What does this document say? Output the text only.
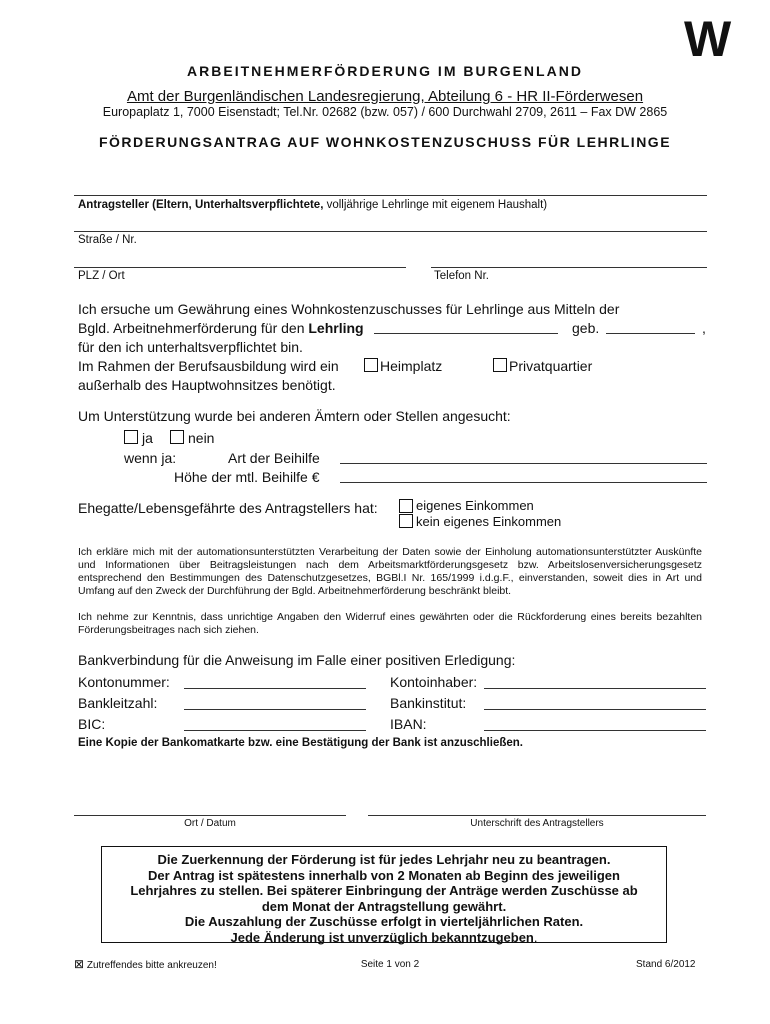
W
ARBEITNEHMERFÖRDERUNG IM BURGENLAND
Amt der Burgenländischen Landesregierung, Abteilung 6 - HR II-Förderwesen
Europaplatz 1, 7000 Eisenstadt; Tel.Nr. 02682 (bzw. 057) / 600 Durchwahl 2709, 2611 – Fax DW 2865
FÖRDERUNGSANTRAG AUF WOHNKOSTENZUSCHUSS FÜR LEHRLINGE
Antragsteller (Eltern, Unterhaltsverpflichtete, volljährige Lehrlinge mit eigenem Haushalt)
Straße / Nr.
PLZ / Ort	Telefon Nr.
Ich ersuche um Gewährung eines Wohnkostenzuschusses für Lehrlinge aus Mitteln der
Bgld. Arbeitnehmerförderung für den Lehrling	geb.	,
für den ich unterhaltsverpflichtet bin.
Im Rahmen der Berufsausbildung wird ein	Heimplatz	Privatquartier
außerhalb des Hauptwohnsitzes benötigt.
Um Unterstützung wurde bei anderen Ämtern oder Stellen angesucht:
ja	nein
wenn ja:	Art der Beihilfe
Höhe der mtl. Beihilfe €
Ehegatte/Lebensgefährte des Antragstellers hat:	eigenes Einkommen
kein eigenes Einkommen
Ich erkläre mich mit der automationsunterstützten Verarbeitung der Daten sowie der Einholung automationsunterstützter Auskünfte und Informationen über Beitragsleistungen nach dem Arbeitsmarktförderungsgesetz bzw. Arbeitslosenversicherungsgesetz entsprechend den Bestimmungen des Datenschutzgesetzes, BGBl.I Nr. 165/1999 i.d.g.F., einverstanden, soweit dies in Art und Umfang auf den Zweck der Durchführung der Bgld. Arbeitnehmerförderung beschränkt bleibt.
Ich nehme zur Kenntnis, dass unrichtige Angaben den Widerruf eines gewährten oder die Rückforderung eines bereits bezahlten Förderungsbeitrages nach sich ziehen.
Bankverbindung für die Anweisung im Falle einer positiven Erledigung:
Kontonummer:	Kontoinhaber:
Bankleitzahl:	Bankinstitut:
BIC:	IBAN:
Eine Kopie der Bankomatkarte bzw. eine Bestätigung der Bank ist anzuschließen.
Ort / Datum	Unterschrift des Antragstellers
Die Zuerkennung der Förderung ist für jedes Lehrjahr neu zu beantragen.
Der Antrag ist spätestens innerhalb von 2 Monaten ab Beginn des jeweiligen
Lehrjahres zu stellen. Bei späterer Einbringung der Anträge werden Zuschüsse ab
dem Monat der Antragstellung gewährt.
Die Auszahlung der Zuschüsse erfolgt in vierteljährlichen Raten.
Jede Änderung ist unverzüglich bekanntzugeben.
⊠ Zutreffendes bitte ankreuzen!	Seite 1 von 2	Stand 6/2012
